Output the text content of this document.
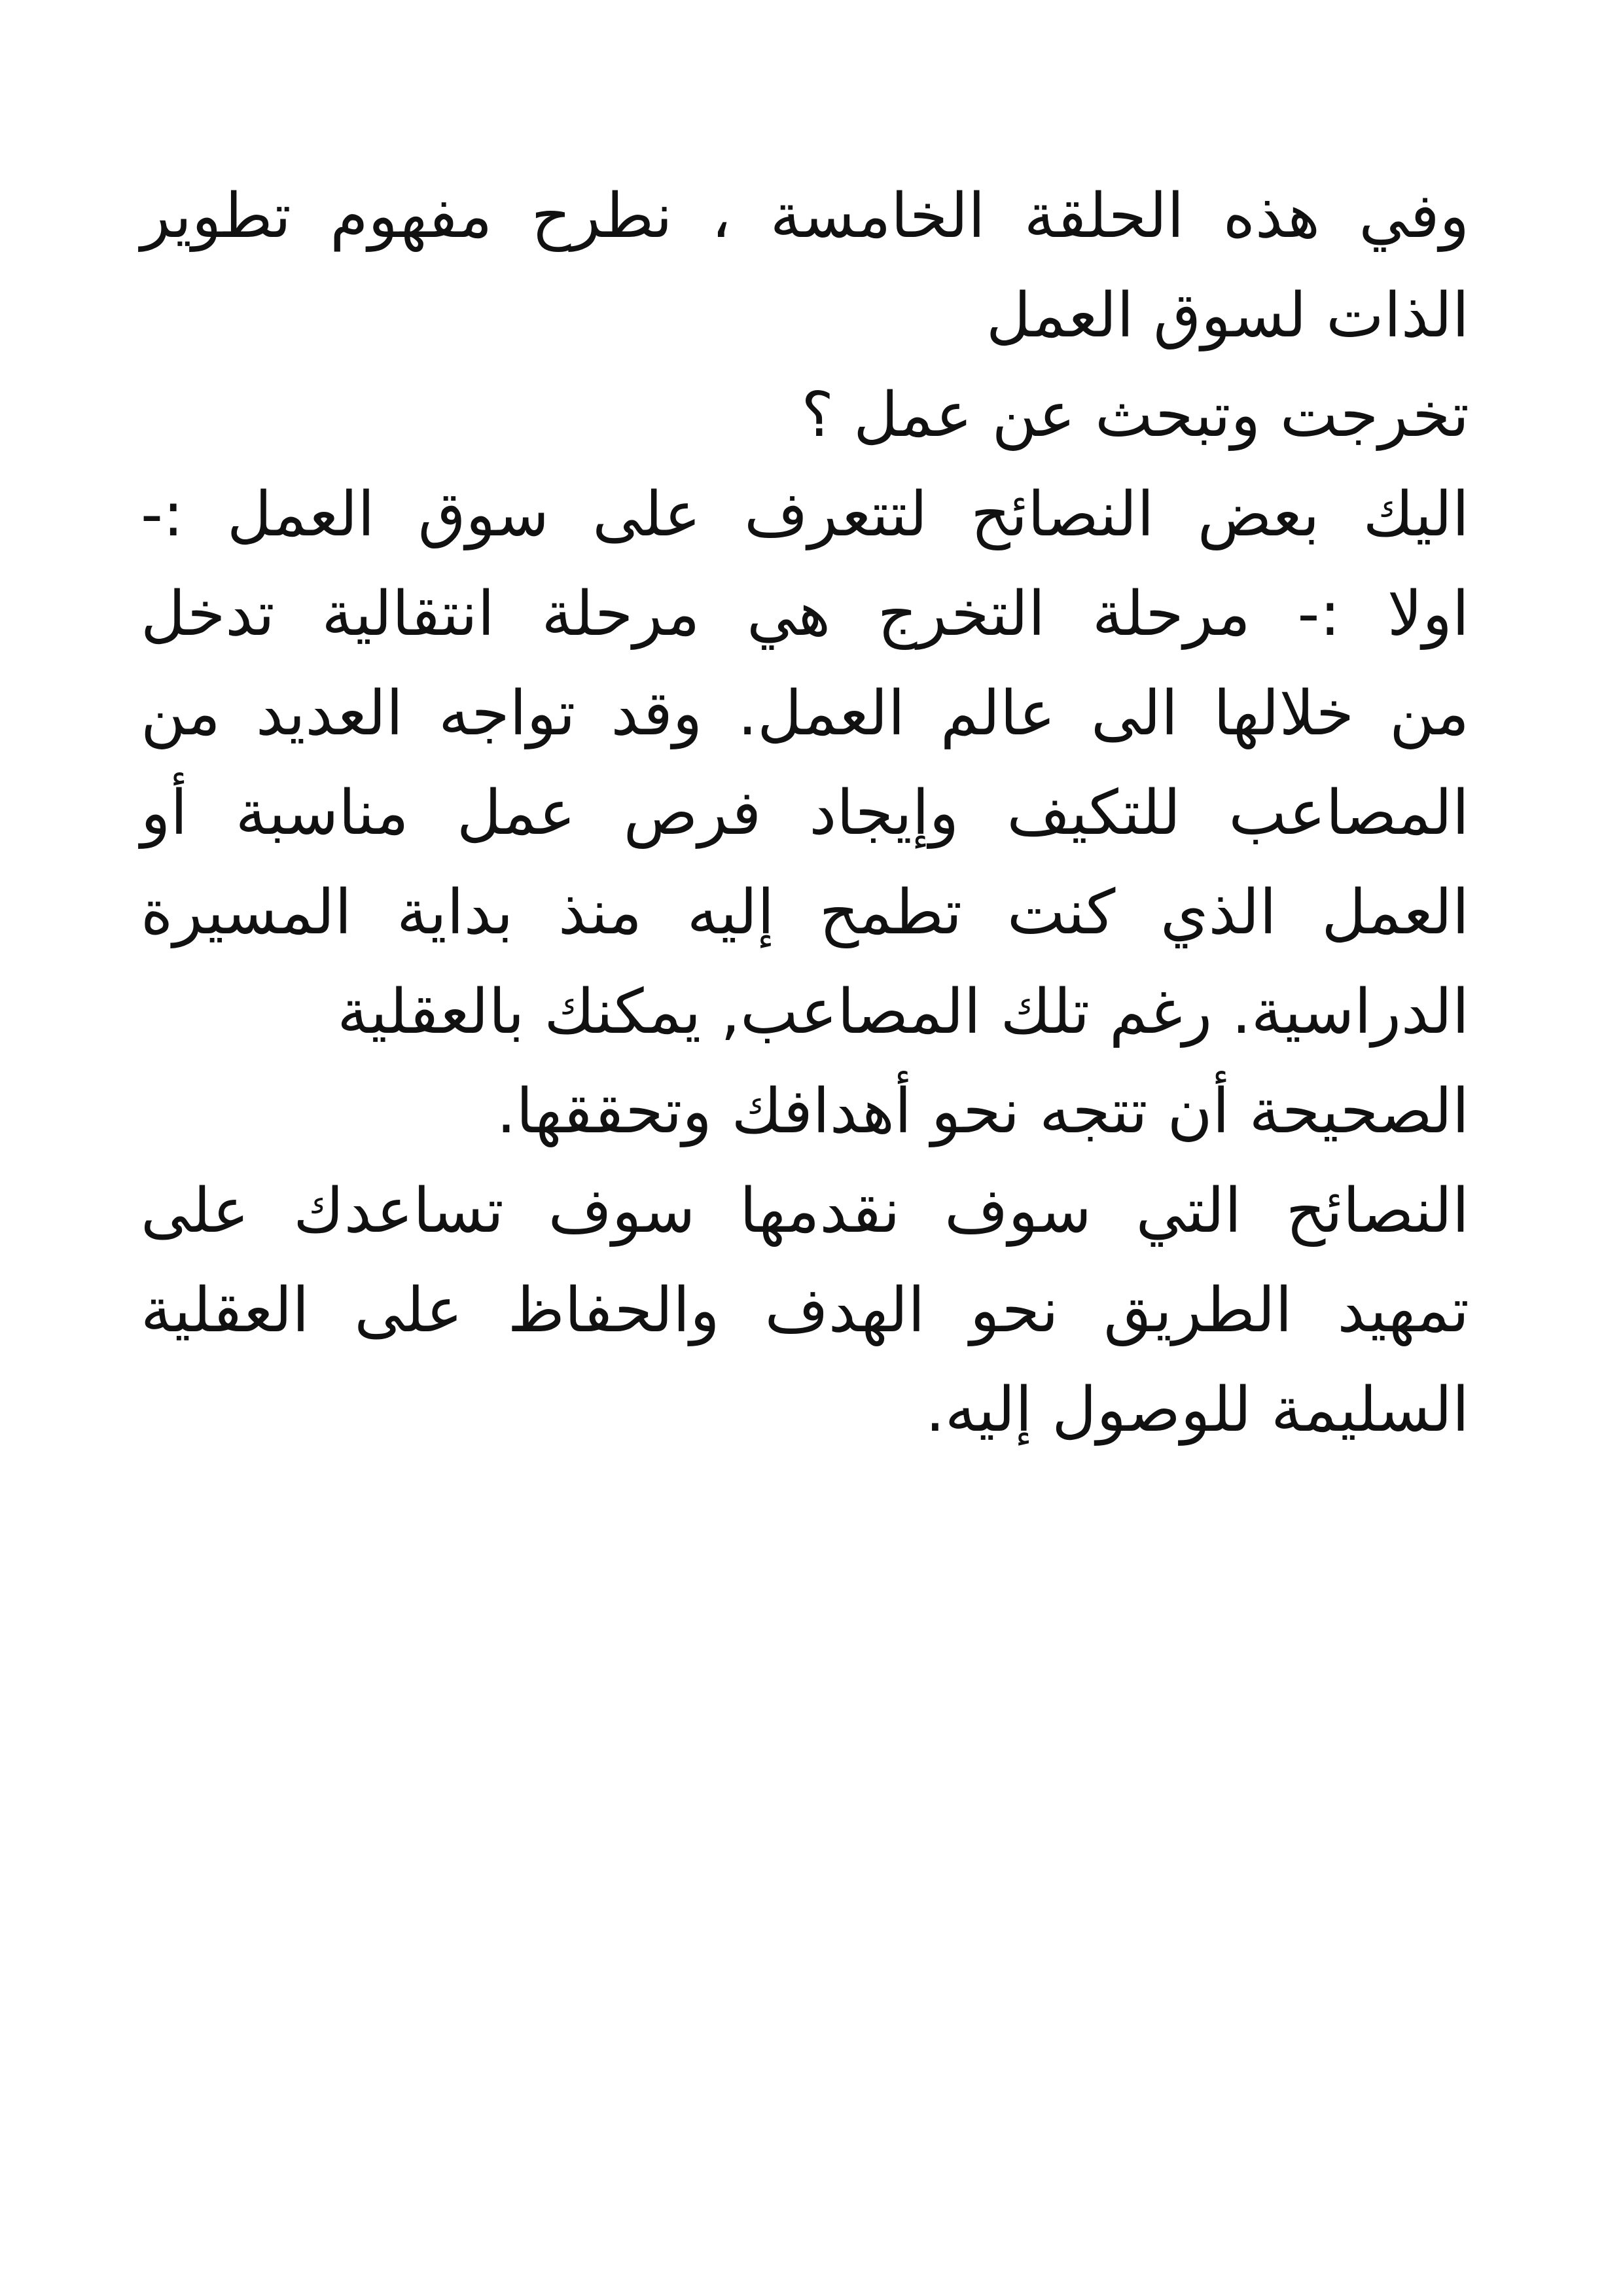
وفي هذه الحلقة الخامسة ، نطرح مفهوم تطوير
الذات لسوق العمل
تخرجت وتبحث عن عمل ؟
اليك بعض النصائح لتتعرف على سوق العمل :-
اولا :- مرحلة التخرج هي مرحلة انتقالية تدخل
من خلالها الى عالم العمل. وقد تواجه العديد من
المصاعب للتكيف وإيجاد فرص عمل مناسبة أو
العمل الذي كنت تطمح إليه منذ بداية المسيرة
الدراسية. رغم تلك المصاعب, يمكنك بالعقلية
الصحيحة أن تتجه نحو أهدافك وتحققها.
النصائح التي سوف نقدمها سوف تساعدك على
تمهيد الطريق نحو الهدف والحفاظ على العقلية
السليمة للوصول إليه.
